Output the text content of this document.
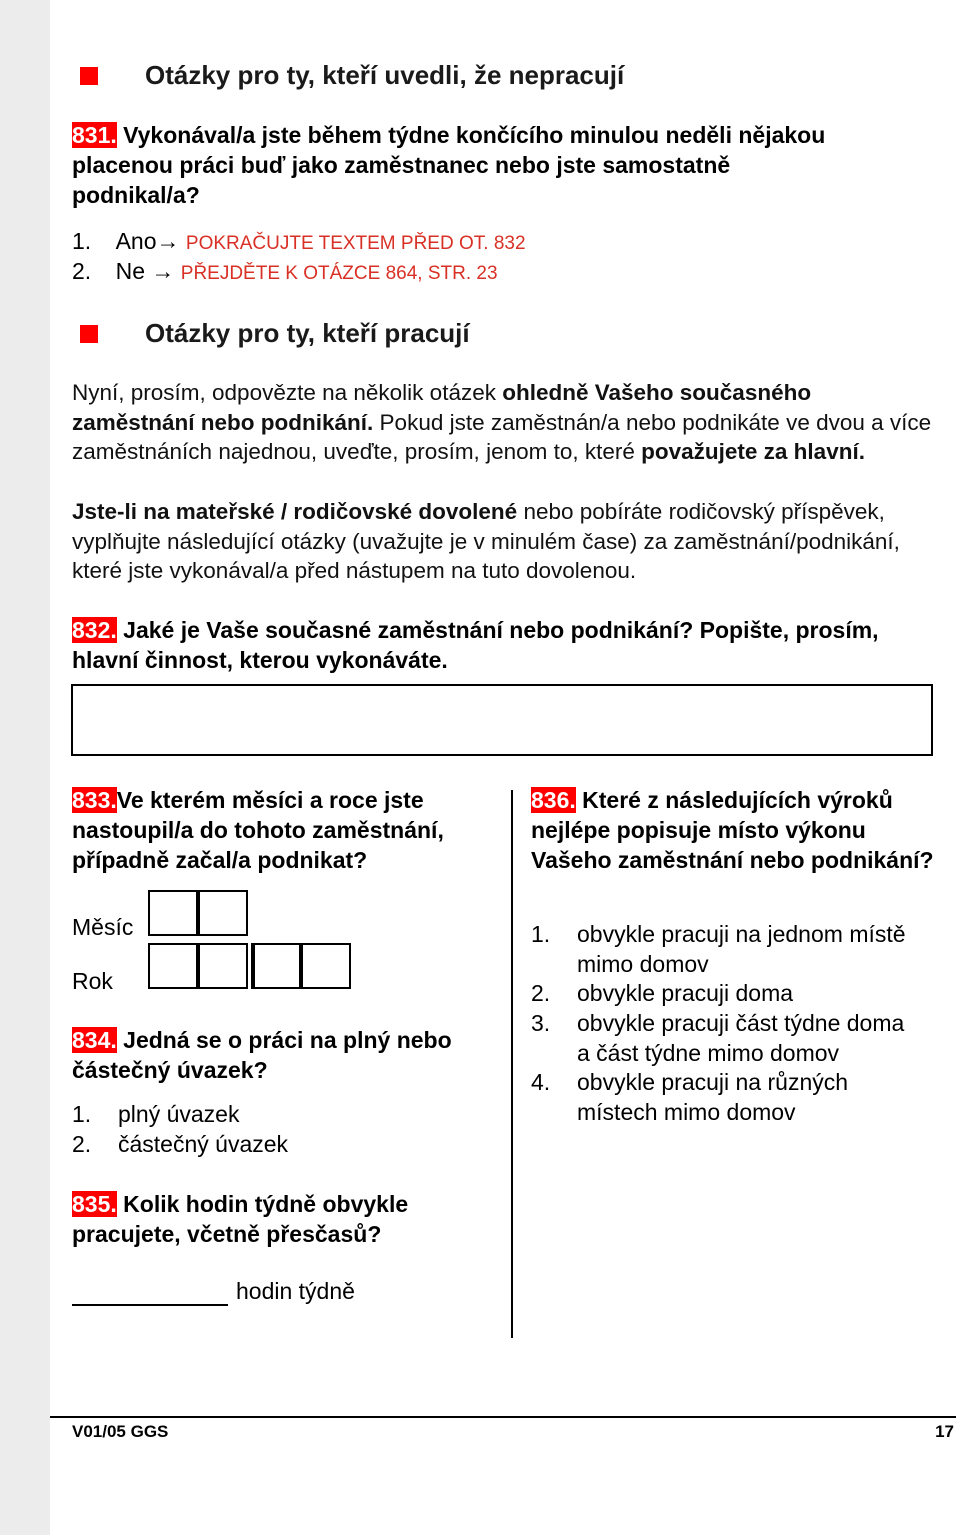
Otázky pro ty, kteří uvedli, že nepracují
831. Vykonával/a jste během týdne končícího minulou neděli nějakou
placenou práci buď jako zaměstnanec nebo jste samostatně
podnikal/a?
1. Ano→ POKRAČUJTE TEXTEM PŘED OT. 832
2. Ne → PŘEJDĚTE K OTÁZCE 864, STR. 23
Otázky pro ty, kteří pracují
Nyní, prosím, odpovězte na několik otázek ohledně Vašeho současného zaměstnání nebo podnikání. Pokud jste zaměstnán/a nebo podnikáte ve dvou a více zaměstnáních najednou, uveďte, prosím, jenom to, které považujete za hlavní.
Jste-li na mateřské / rodičovské dovolené nebo pobíráte rodičovský příspěvek, vyplňujte následující otázky (uvažujte je v minulém čase) za zaměstnání/podnikání, které jste vykonával/a před nástupem na tuto dovolenou.
832. Jaké je Vaše současné zaměstnání nebo podnikání? Popište, prosím, hlavní činnost, kterou vykonáváte.
833.Ve kterém měsíci a roce jste nastoupil/a do tohoto zaměstnání, případně začal/a podnikat?
Měsíc
Rok
834. Jedná se o práci na plný nebo částečný úvazek?
1. plný úvazek
2. částečný úvazek
835. Kolik hodin týdně obvykle pracujete, včetně přesčasů?
hodin týdně
836. Které z následujících výroků nejlépe popisuje místo výkonu Vašeho zaměstnání nebo podnikání?
1. obvykle pracuji na jednom místě
mimo domov
2. obvykle pracuji doma
3. obvykle pracuji část týdne doma
a část týdne mimo domov
4. obvykle pracuji na různých
místech mimo domov
V01/05 GGS	17
